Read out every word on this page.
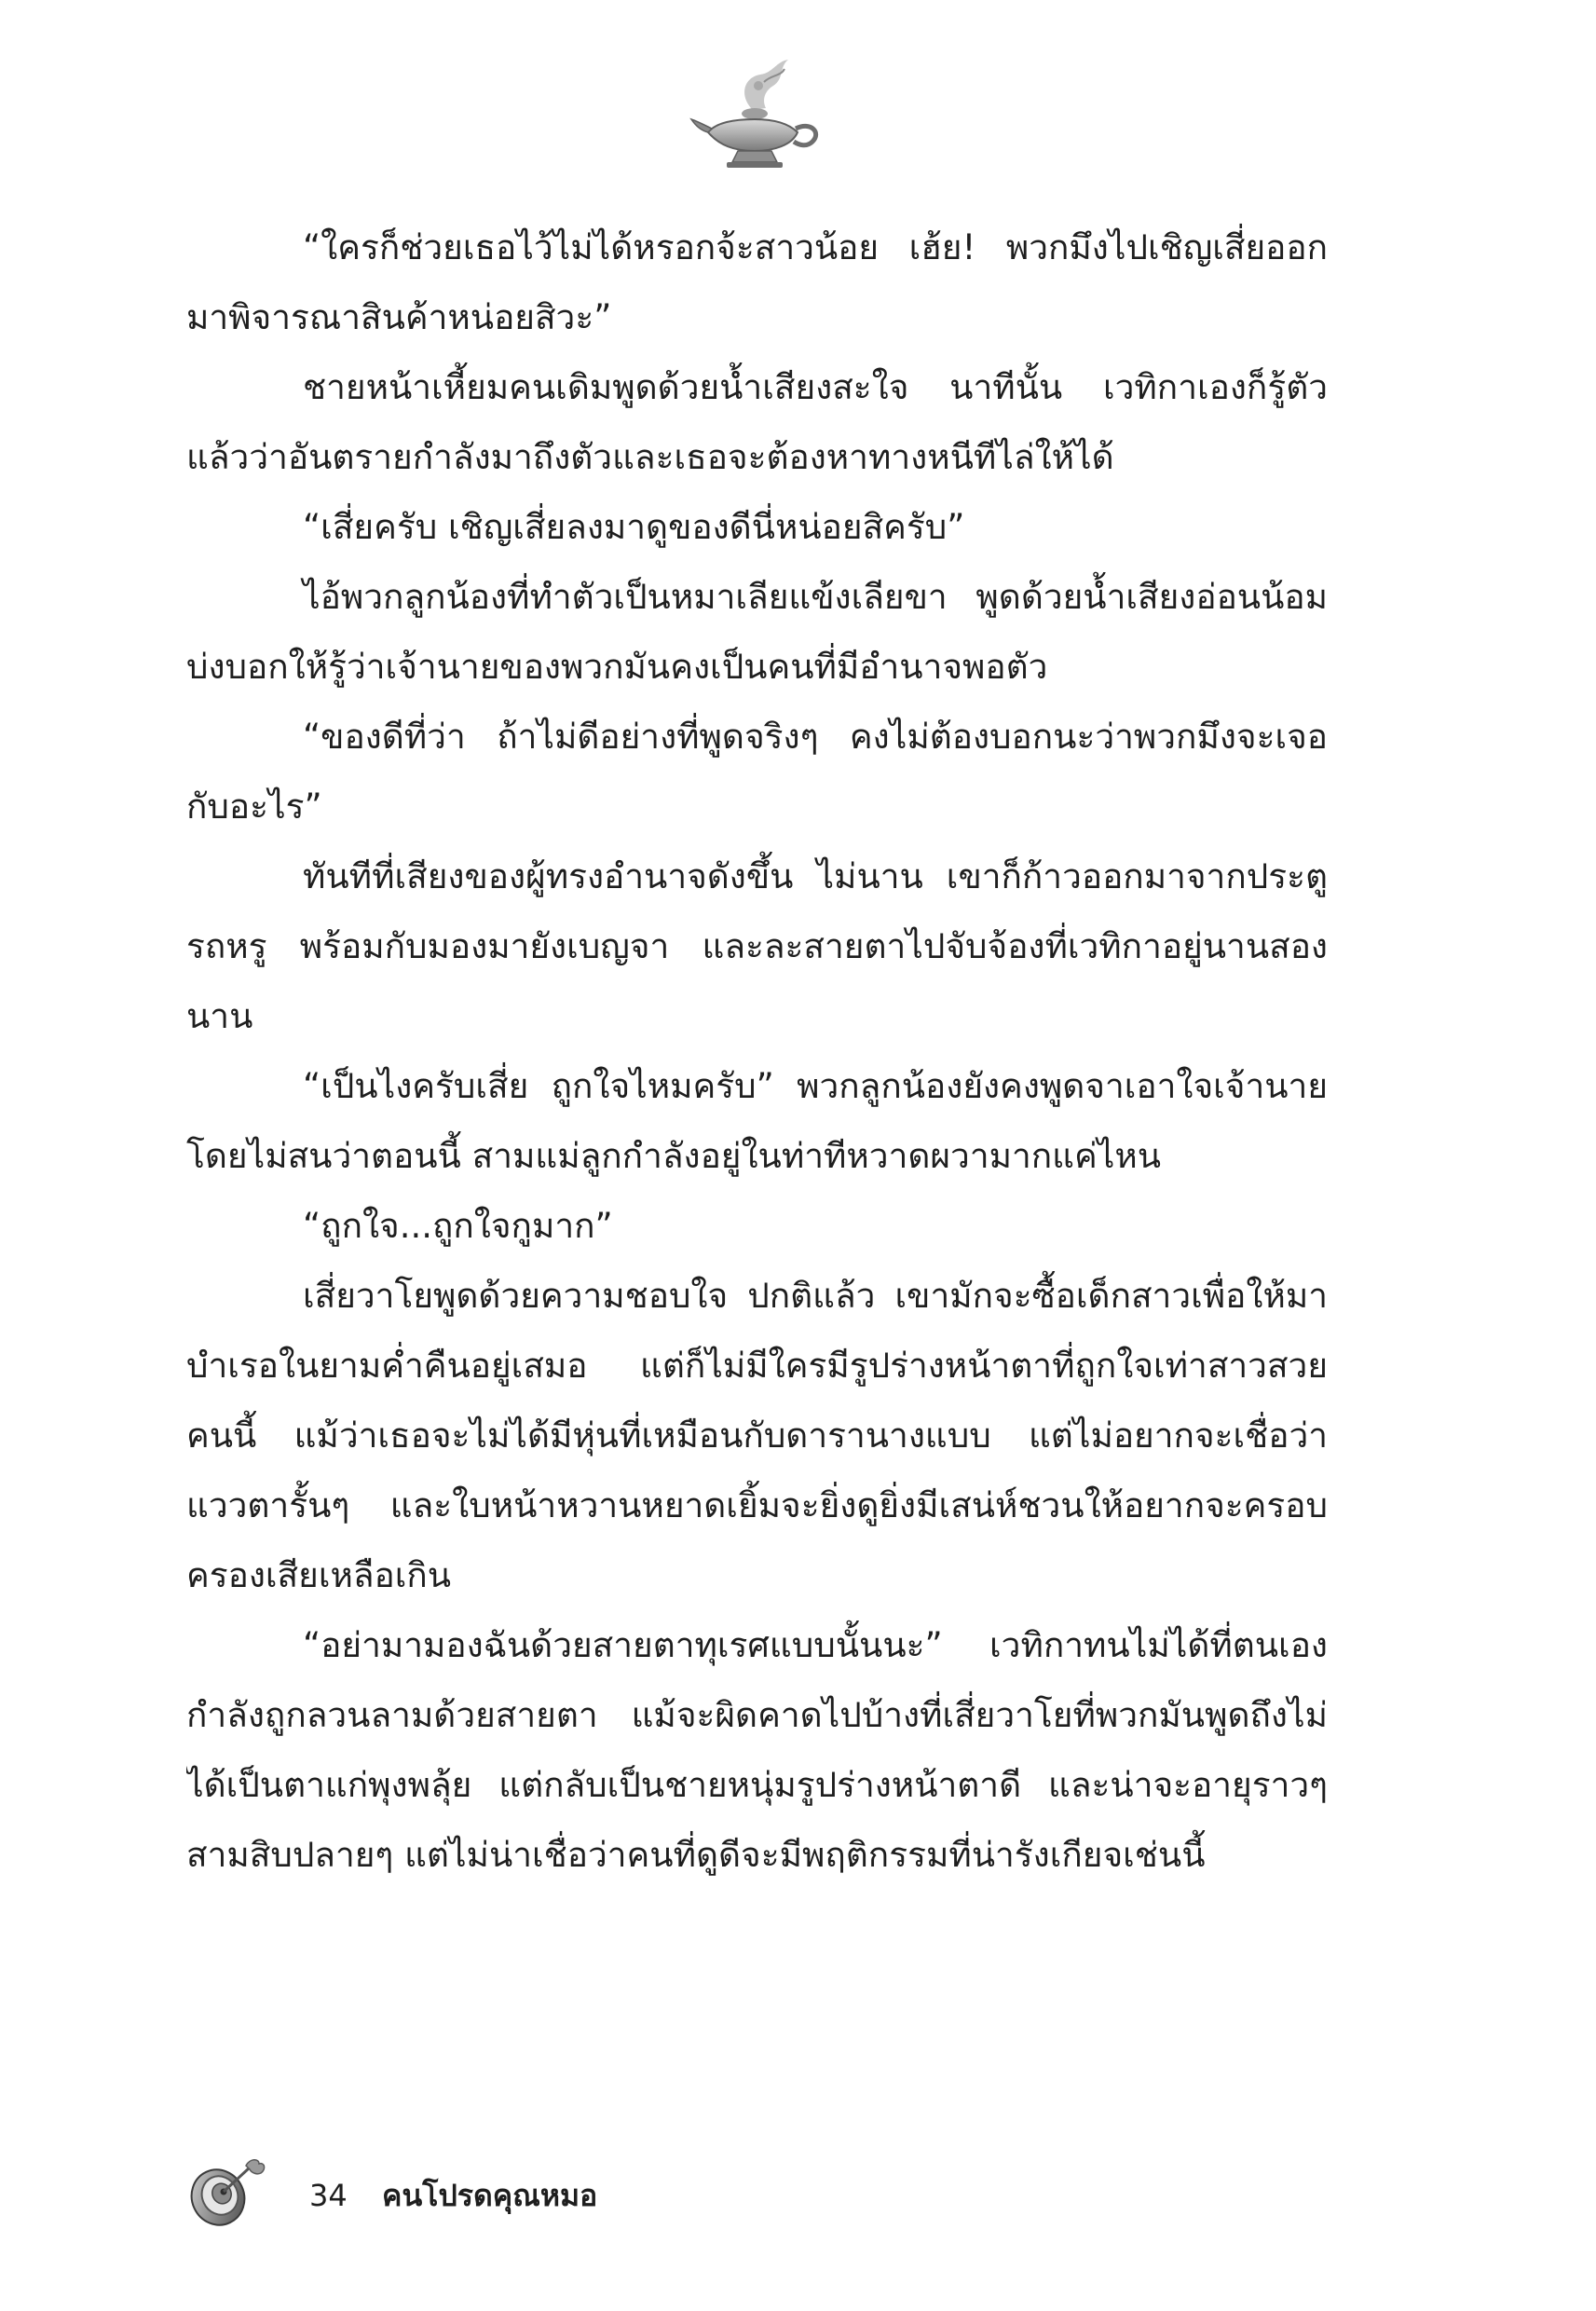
“ใครก็ช่วยเธอไว้ไม่ได้หรอกจ้ะสาวน้อย เฮ้ย! พวกมึงไปเชิญเสี่ยออกมาพิจารณาสินค้าหน่อยสิวะ”

ชายหน้าเหี้ยมคนเดิมพูดด้วยน้ำเสียงสะใจ นาทีนั้น เวทิกาเองก็รู้ตัวแล้วว่าอันตรายกำลังมาถึงตัวและเธอจะต้องหาทางหนีทีไล่ให้ได้

“เสี่ยครับ เชิญเสี่ยลงมาดูของดีนี่หน่อยสิครับ”

ไอ้พวกลูกน้องที่ทำตัวเป็นหมาเลียแข้งเลียขา พูดด้วยน้ำเสียงอ่อนน้อม บ่งบอกให้รู้ว่าเจ้านายของพวกมันคงเป็นคนที่มีอำนาจพอตัว

“ของดีที่ว่า ถ้าไม่ดีอย่างที่พูดจริงๆ คงไม่ต้องบอกนะว่าพวกมึงจะเจอกับอะไร”

ทันทีที่เสียงของผู้ทรงอำนาจดังขึ้น ไม่นาน เขาก็ก้าวออกมาจากประตูรถหรู พร้อมกับมองมายังเบญจา และละสายตาไปจับจ้องที่เวทิกาอยู่นานสองนาน

“เป็นไงครับเสี่ย ถูกใจไหมครับ” พวกลูกน้องยังคงพูดจาเอาใจเจ้านาย โดยไม่สนว่าตอนนี้ สามแม่ลูกกำลังอยู่ในท่าทีหวาดผวามากแค่ไหน

“ถูกใจ...ถูกใจกูมาก”

เสี่ยวาโยพูดด้วยความชอบใจ ปกติแล้ว เขามักจะซื้อเด็กสาวเพื่อให้มาบำเรอในยามค่ำคืนอยู่เสมอ แต่ก็ไม่มีใครมีรูปร่างหน้าตาที่ถูกใจเท่าสาวสวยคนนี้ แม้ว่าเธอจะไม่ได้มีหุ่นที่เหมือนกับดารานางแบบ แต่ไม่อยากจะเชื่อว่าแววตารั้นๆ และใบหน้าหวานหยาดเยิ้มจะยิ่งดูยิ่งมีเสน่ห์ชวนให้อยากจะครอบครองเสียเหลือเกิน

“อย่ามามองฉันด้วยสายตาทุเรศแบบนั้นนะ” เวทิกาทนไม่ได้ที่ตนเองกำลังถูกลวนลามด้วยสายตา แม้จะผิดคาดไปบ้างที่เสี่ยวาโยที่พวกมันพูดถึงไม่ได้เป็นตาแก่พุงพลุ้ย แต่กลับเป็นชายหนุ่มรูปร่างหน้าตาดี และน่าจะอายุราวๆ สามสิบปลายๆ แต่ไม่น่าเชื่อว่าคนที่ดูดีจะมีพฤติกรรมที่น่ารังเกียจเช่นนี้

34 คนโปรดคุณหมอ
